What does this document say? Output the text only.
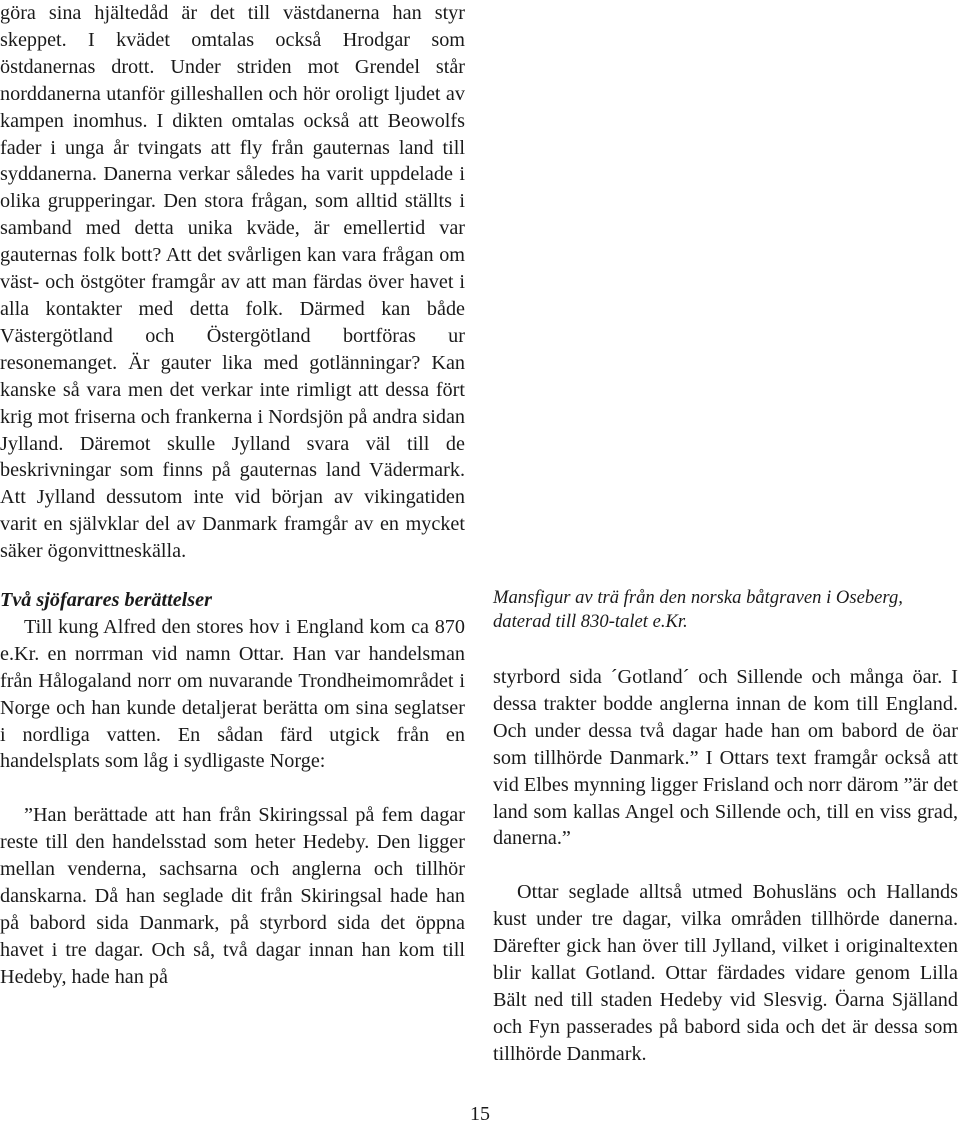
göra sina hjältedåd är det till västdanerna han styr skeppet. I kvädet omtalas också Hrodgar som östdanernas drott. Under striden mot Grendel står norddanerna utanför gilleshallen och hör oroligt ljudet av kampen inomhus. I dikten omtalas också att Beowolfs fader i unga år tvingats att fly från gauternas land till syddanerna. Danerna verkar således ha varit uppdelade i olika grupperingar. Den stora frågan, som alltid ställts i samband med detta unika kväde, är emellertid var gauternas folk bott? Att det svårligen kan vara frågan om väst- och östgöter framgår av att man färdas över havet i alla kontakter med detta folk. Därmed kan både Västergötland och Östergötland bortföras ur resonemanget. Är gauter lika med gotlänningar? Kan kanske så vara men det verkar inte rimligt att dessa fört krig mot friserna och frankerna i Nordsjön på andra sidan Jylland. Däremot skulle Jylland svara väl till de beskrivningar som finns på gauternas land Vädermark. Att Jylland dessutom inte vid början av vikingatiden varit en självklar del av Danmark framgår av en mycket säker ögonvittneskälla.

Två sjöfarares berättelser

Till kung Alfred den stores hov i England kom ca 870 e.Kr. en norrman vid namn Ottar. Han var handelsman från Hålogaland norr om nuvarande Trondheimområdet i Norge och han kunde detaljerat berätta om sina seglatser i nordliga vatten. En sådan färd utgick från en handelsplats som låg i sydligaste Norge:

”Han berättade att han från Skiringssal på fem dagar reste till den handelsstad som heter Hedeby. Den ligger mellan venderna, sachsarna och anglerna och tillhör danskarna. Då han seglade dit från Skiringsal hade han på babord sida Danmark, på styrbord sida det öppna havet i tre dagar. Och så, två dagar innan han kom till Hedeby, hade han på

Mansfigur av trä från den norska båtgraven i Oseberg, daterad till 830-talet e.Kr.

styrbord sida ´Gotland´ och Sillende och många öar. I dessa trakter bodde anglerna innan de kom till England. Och under dessa två dagar hade han om babord de öar som tillhörde Danmark.” I Ottars text framgår också att vid Elbes mynning ligger Frisland och norr därom ”är det land som kallas Angel och Sillende och, till en viss grad, danerna.”

Ottar seglade alltså utmed Bohusläns och Hallands kust under tre dagar, vilka områden tillhörde danerna. Därefter gick han över till Jylland, vilket i originaltexten blir kallat Gotland. Ottar färdades vidare genom Lilla Bält ned till staden Hedeby vid Slesvig. Öarna Själland och Fyn passerades på babord sida och det är dessa som tillhörde Danmark.

15
